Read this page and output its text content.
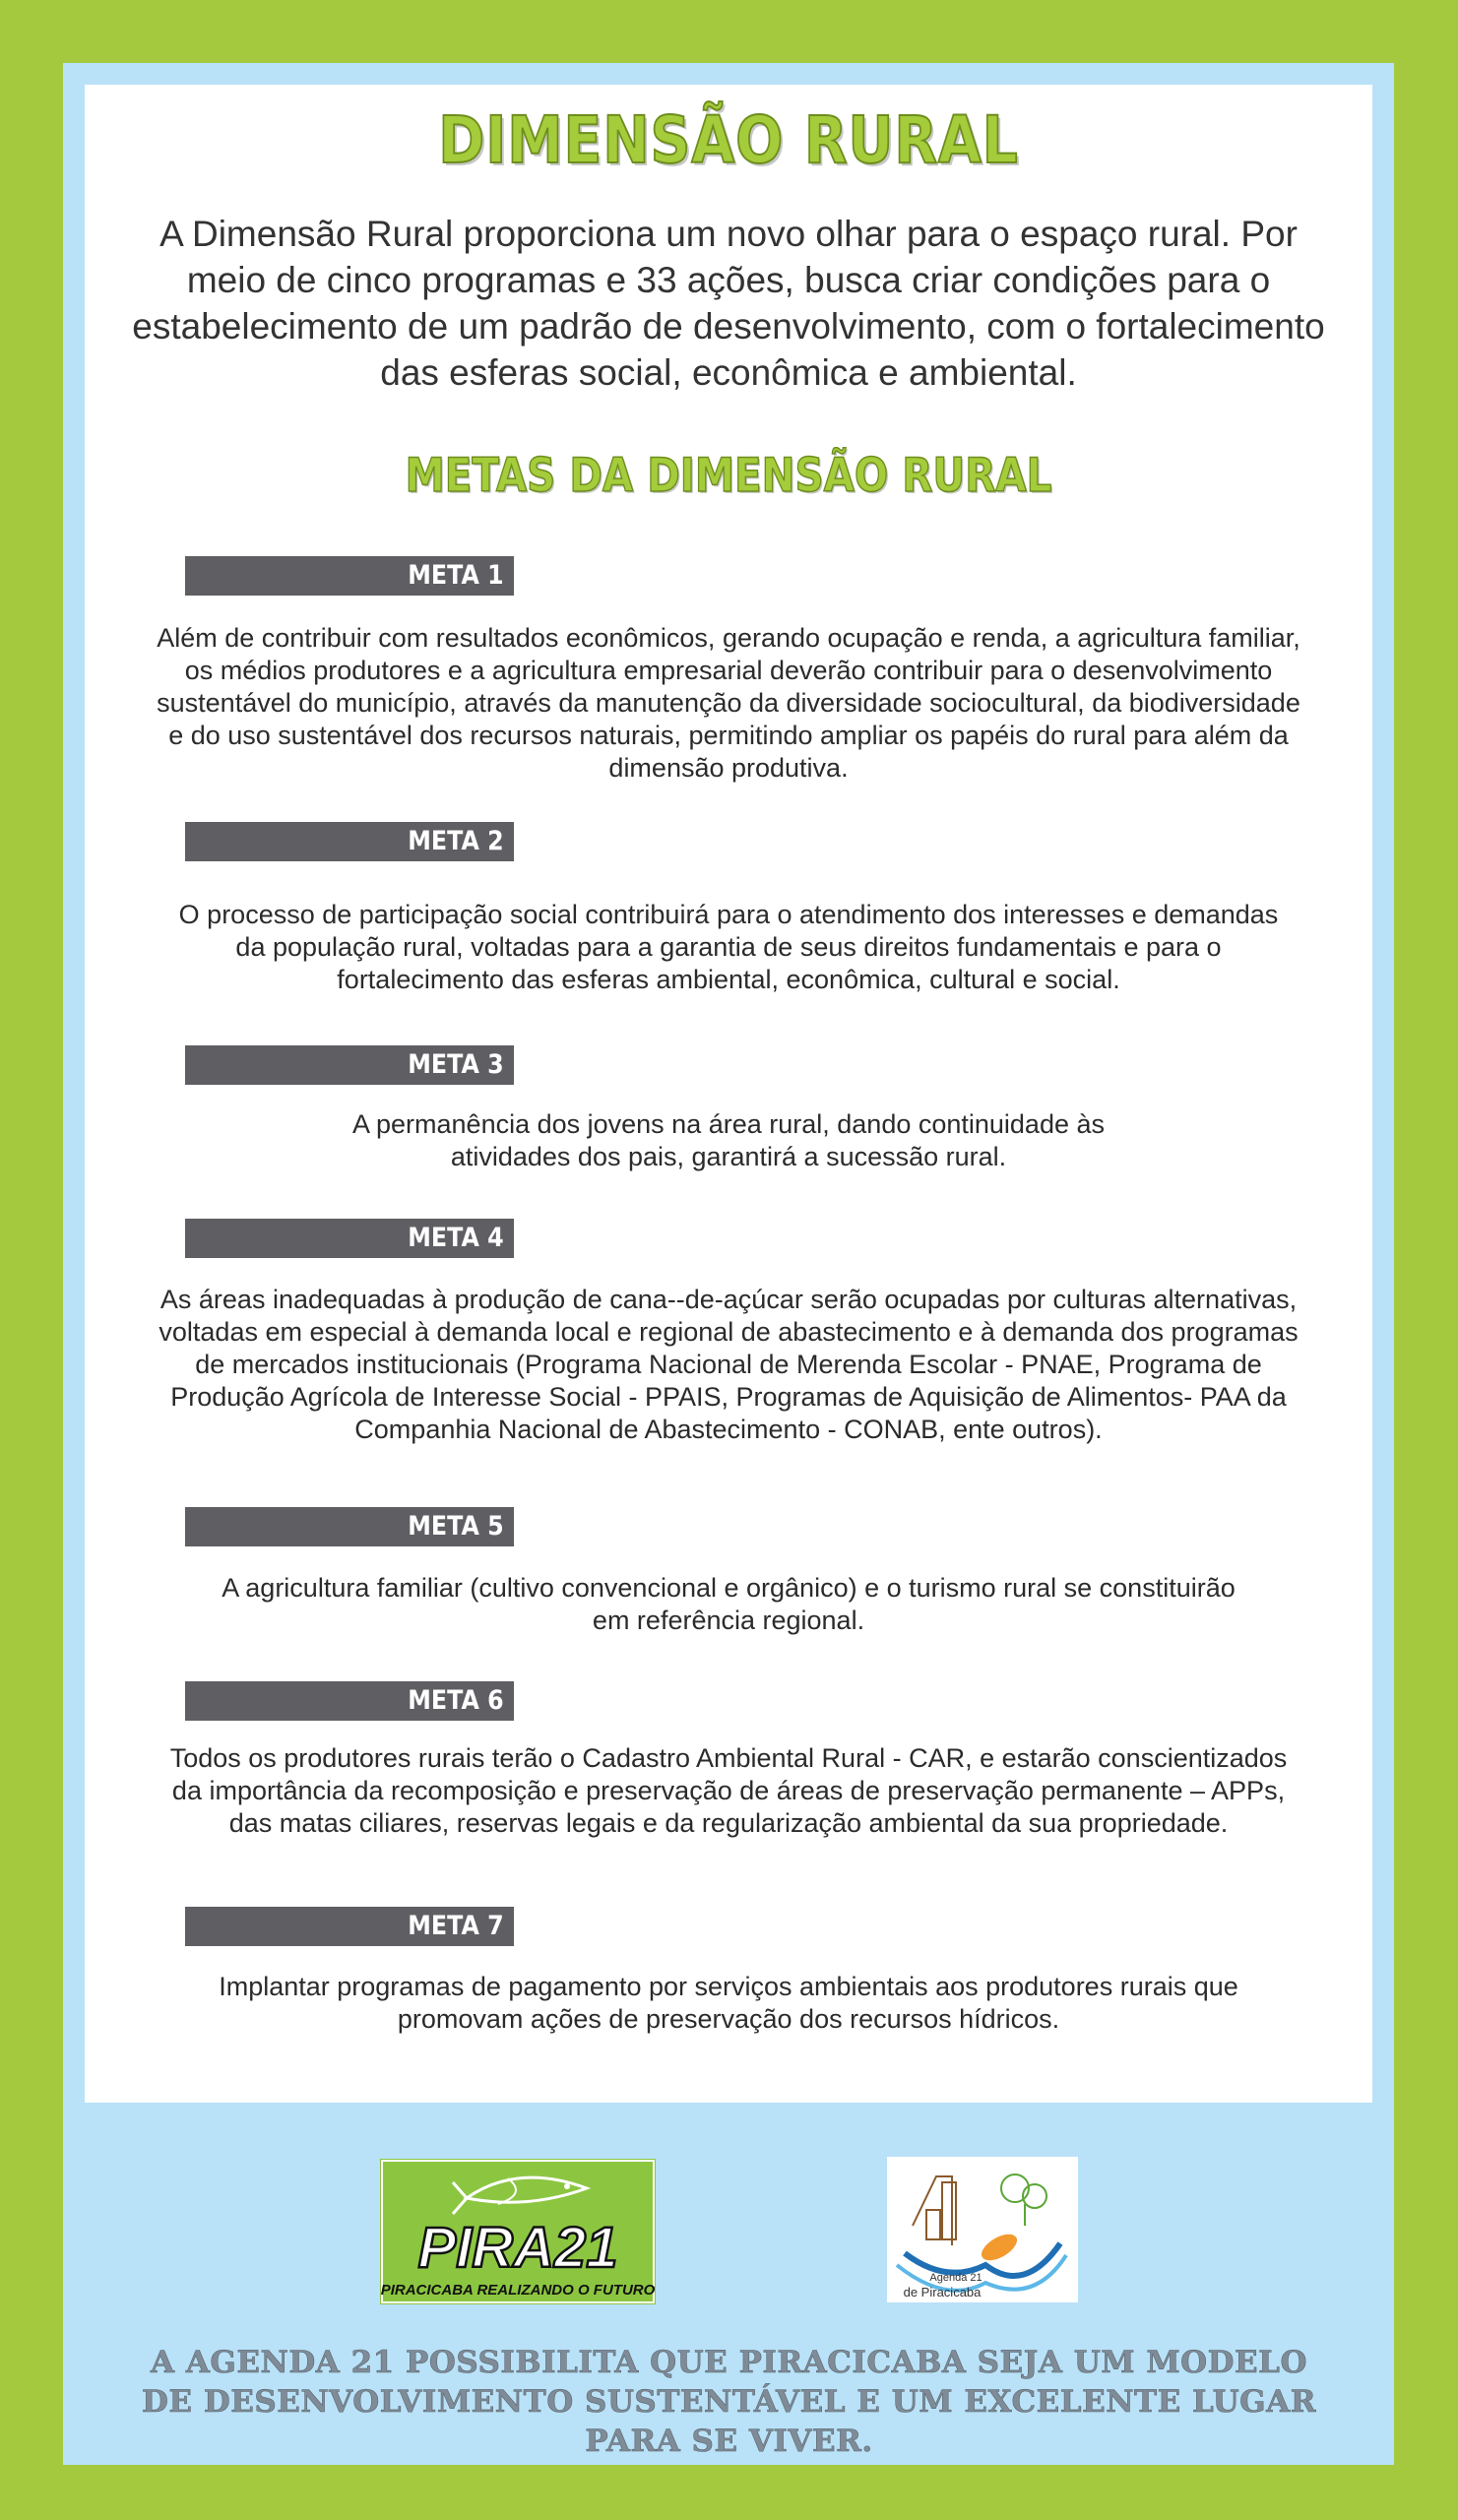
DIMENSÃO RURAL

A Dimensão Rural proporciona um novo olhar para o espaço rural. Por meio de cinco programas e 33 ações, busca criar condições para o estabelecimento de um padrão de desenvolvimento, com o fortalecimento das esferas social, econômica e ambiental.

METAS DA DIMENSÃO RURAL
META 1

Além de contribuir com resultados econômicos, gerando ocupação e renda, a agricultura familiar, os médios produtores e a agricultura empresarial deverão contribuir para o desenvolvimento sustentável do município, através da manutenção da diversidade sociocultural, da biodiversidade e do uso sustentável dos recursos naturais, permitindo ampliar os papéis do rural para além da dimensão produtiva.

META 2

O processo de participação social contribuirá para o atendimento dos interesses e demandas da população rural, voltadas para a garantia de seus direitos fundamentais e para o fortalecimento das esferas ambiental, econômica, cultural e social.

META 3

A permanência dos jovens na área rural, dando continuidade às atividades dos pais, garantirá a sucessão rural.

META 4

As áreas inadequadas à produção de cana--de-açúcar serão ocupadas por culturas alternativas, voltadas em especial à demanda local e regional de abastecimento e à demanda dos programas de mercados institucionais (Programa Nacional de Merenda Escolar - PNAE, Programa de Produção Agrícola de Interesse Social - PPAIS, Programas de Aquisição de Alimentos- PAA da Companhia Nacional de Abastecimento - CONAB, ente outros).

META 5

A agricultura familiar (cultivo convencional e orgânico) e o turismo rural se constituirão em referência regional.

META 6

Todos os produtores rurais terão o Cadastro Ambiental Rural - CAR, e estarão conscientizados da importância da recomposição e preservação de áreas de preservação permanente – APPs, das matas ciliares, reservas legais e da regularização ambiental da sua propriedade.

META 7

Implantar programas de pagamento por serviços ambientais aos produtores rurais que promovam ações de preservação dos recursos hídricos.

PIRA21
PIRACICABA REALIZANDO O FUTURO
Agenda 21
de Piracicaba

A AGENDA 21 POSSIBILITA QUE PIRACICABA SEJA UM MODELO DE DESENVOLVIMENTO SUSTENTÁVEL E UM EXCELENTE LUGAR PARA SE VIVER.
